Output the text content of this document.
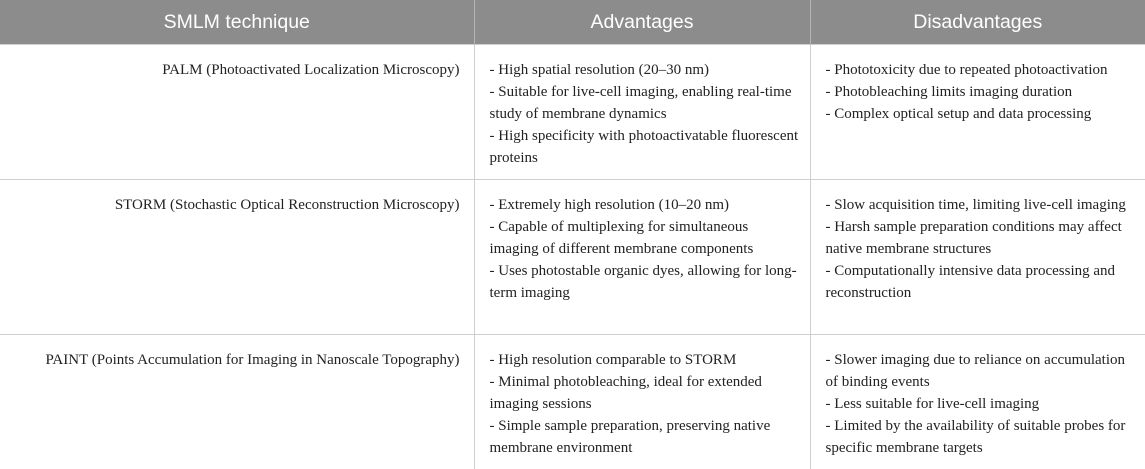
SMLM technique	Advantages	Disadvantages
PALM (Photoactivated Localization Microscopy)	- High spatial resolution (20–30 nm)
- Suitable for live-cell imaging, enabling real-time study of membrane dynamics
- High specificity with photoactivatable fluorescent proteins	- Phototoxicity due to repeated photoactivation
- Photobleaching limits imaging duration
- Complex optical setup and data processing

STORM (Stochastic Optical Reconstruction Microscopy)	- Extremely high resolution (10–20 nm)
- Capable of multiplexing for simultaneous imaging of different membrane components
- Uses photostable organic dyes, allowing for long-term imaging	- Slow acquisition time, limiting live-cell imaging
- Harsh sample preparation conditions may affect native membrane structures
- Computationally intensive data processing and reconstruction

PAINT (Points Accumulation for Imaging in Nanoscale Topography)	- High resolution comparable to STORM
- Minimal photobleaching, ideal for extended imaging sessions
- Simple sample preparation, preserving native membrane environment	- Slower imaging due to reliance on accumulation of binding events
- Less suitable for live-cell imaging
- Limited by the availability of suitable probes for specific membrane targets
